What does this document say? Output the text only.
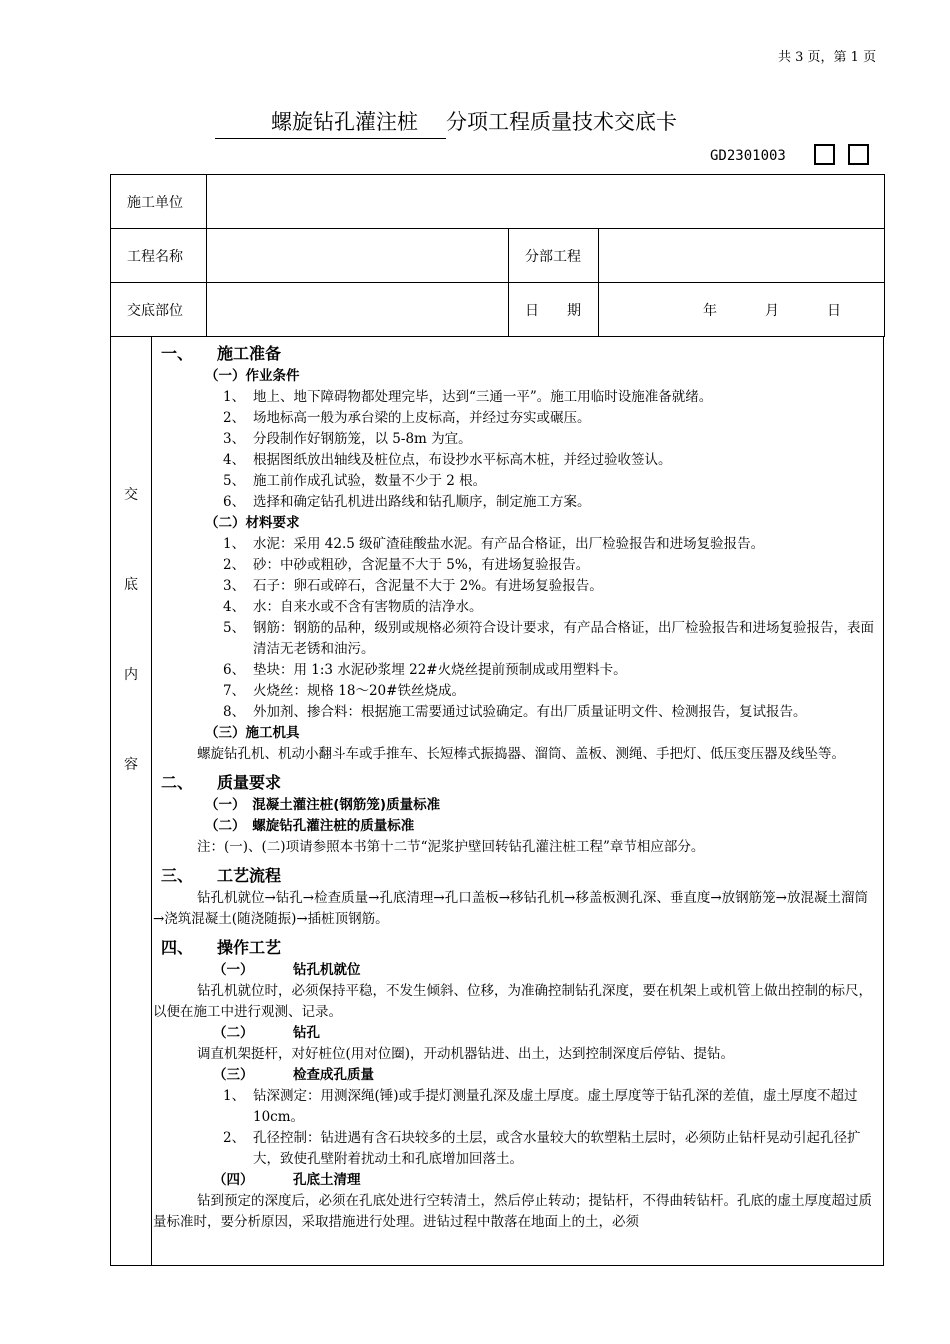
共 3 页，第 1 页
螺旋钻孔灌注桩 分项工程质量技术交底卡
GD2301003
施工单位			
工程名称		分部工程	
交底部位		日　　期	年 月 日
交
底
内
容

一、 施工准备

（一）作业条件

1、 地上、地下障碍物都处理完毕，达到“三通一平”。施工用临时设施准备就绪。

2、 场地标高一般为承台梁的上皮标高，并经过夯实或碾压。

3、 分段制作好钢筋笼，以 5-8m 为宜。

4、 根据图纸放出轴线及桩位点，布设抄水平标高木桩，并经过验收签认。

5、 施工前作成孔试验，数量不少于 2 根。

6、 选择和确定钻孔机进出路线和钻孔顺序，制定施工方案。

（二）材料要求

1、 水泥：采用 42.5 级矿渣硅酸盐水泥。有产品合格证，出厂检验报告和进场复验报告。

2、 砂：中砂或粗砂，含泥量不大于 5%，有进场复验报告。

3、 石子：卵石或碎石，含泥量不大于 2%。有进场复验报告。

4、 水：自来水或不含有害物质的洁净水。

5、 钢筋：钢筋的品种，级别或规格必须符合设计要求，有产品合格证，出厂检验报告和进场复验报告，表面清洁无老锈和油污。

6、 垫块：用 1:3 水泥砂浆埋 22#火烧丝提前预制成或用塑料卡。

7、 火烧丝：规格 18～20#铁丝烧成。

8、 外加剂、掺合料：根据施工需要通过试验确定。有出厂质量证明文件、检测报告，复试报告。

（三）施工机具

螺旋钻孔机、机动小翻斗车或手推车、长短棒式振捣器、溜筒、盖板、测绳、手把灯、低压变压器及线坠等。

二、 质量要求

（一）　混凝土灌注桩(钢筋笼)质量标准

（二）　螺旋钻孔灌注桩的质量标准

注：(一)、(二)项请参照本书第十二节“泥浆护壁回转钻孔灌注桩工程”章节相应部分。

三、 工艺流程

钻孔机就位→钻孔→检查质量→孔底清理→孔口盖板→移钻孔机→移盖板测孔深、垂直度→放钢筋笼→放混凝土溜筒→浇筑混凝土(随浇随振)→插桩顶钢筋。

四、 操作工艺

（一）	钻孔机就位

钻孔机就位时，必须保持平稳，不发生倾斜、位移，为准确控制钻孔深度，要在机架上或机管上做出控制的标尺，以便在施工中进行观测、记录。

（二）	钻孔

调直机架挺杆，对好桩位(用对位圈)，开动机器钻进、出土，达到控制深度后停钻、提钻。

（三）	检查成孔质量

1、 钻深测定：用测深绳(锤)或手提灯测量孔深及虚土厚度。虚土厚度等于钻孔深的差值，虚土厚度不超过10cm。

2、 孔径控制：钻进遇有含石块较多的土层，或含水量较大的软塑粘土层时，必须防止钻杆晃动引起孔径扩大，致使孔壁附着扰动土和孔底增加回落土。

（四）	孔底土清理

钻到预定的深度后，必须在孔底处进行空转清土，然后停止转动；提钻杆，不得曲转钻杆。孔底的虚土厚度超过质量标准时，要分析原因，采取措施进行处理。进钻过程中散落在地面上的土，必须
